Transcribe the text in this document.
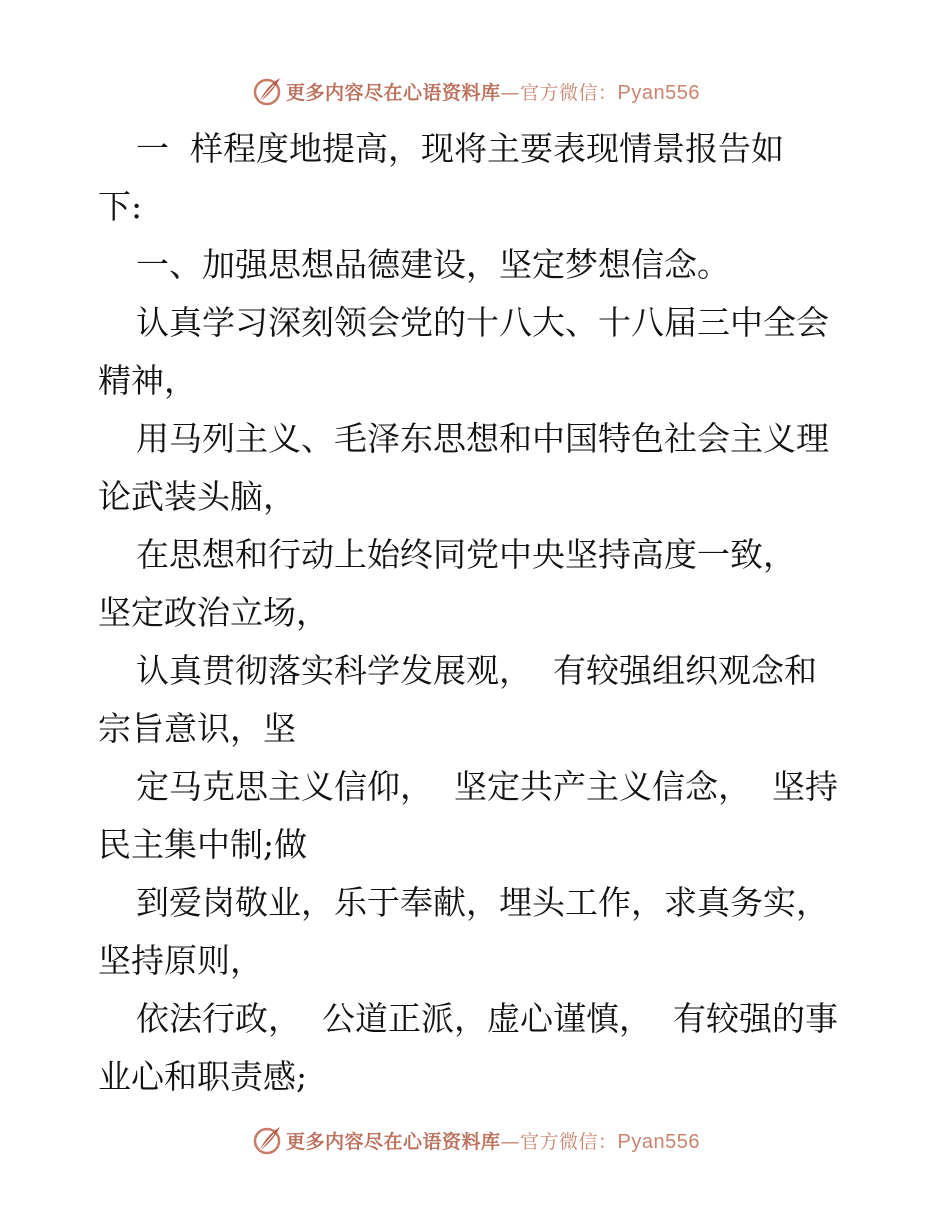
更多内容尽在心语资料库—官方微信：Pyan556

一  样程度地提高，现将主要表现情景报告如

下:

一、加强思想品德建设，坚定梦想信念。

认真学习深刻领会党的十八大、十八届三中全会

精神，

用马列主义、毛泽东思想和中国特色社会主义理

论武装头脑，

在思想和行动上始终同党中央坚持高度一致，

坚定政治立场，

认真贯彻落实科学发展观，  有较强组织观念和

宗旨意识，坚

定马克思主义信仰，  坚定共产主义信念，  坚持

民主集中制;做

到爱岗敬业，乐于奉献，埋头工作，求真务实，

坚持原则，

依法行政，  公道正派，虚心谨慎，  有较强的事

业心和职责感;

更多内容尽在心语资料库—官方微信：Pyan556
